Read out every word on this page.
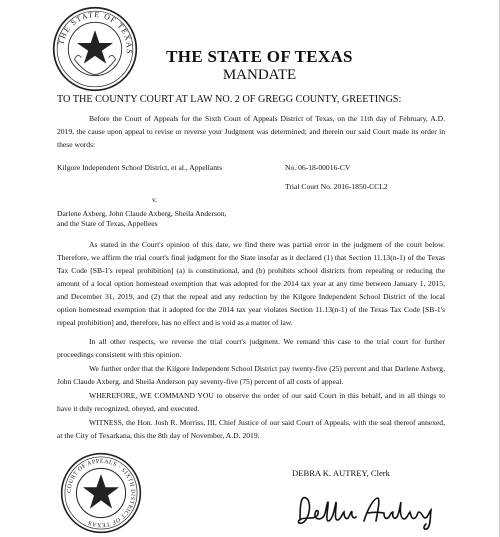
THE STATE OF TEXAS	THE STATE OF TEXAS
MANDATE
TO THE COUNTY COURT AT LAW NO. 2 OF GREGG COUNTY, GREETINGS:
Before the Court of Appeals for the Sixth Court of Appeals District of Texas, on the 11th day of February, A.D. 2019, the cause upon appeal to revise or reverse your Judgment was determined; and therein our said Court made its order in these words:
Kilgore Independent School District, et al., Appellants	No. 06-18-00016-CV
Trial Court No. 2016-1850-CCL2
v.
Darlene Axberg, John Claude Axberg, Sheila Anderson, and the State of Texas, Appellees
As stated in the Court's opinion of this date, we find there was partial error in the judgment of the court below. Therefore, we affirm the trial court's final judgment for the State insofar as it declared (1) that Section 11.13(n-1) of the Texas Tax Code [SB-1's repeal prohibition] (a) is constitutional, and (b) prohibits school districts from repealing or reducing the amount of a local option homestead exemption that was adopted for the 2014 tax year at any time between January 1, 2015, and December 31, 2019, and (2) that the repeal and any reduction by the Kilgore Independent School District of the local option homestead exemption that it adopted for the 2014 tax year violates Section 11.13(n-1) of the Texas Tax Code [SB-1's repeal prohibition] and, therefore, has no effect and is void as a matter of law.
In all other respects, we reverse the trial court's judgment. We remand this case to the trial court for further proceedings consistent with this opinion.
We further order that the Kilgore Independent School District pay twenty-five (25) percent and that Darlene Axberg, John Claude Axberg, and Sheila Anderson pay seventy-five (75) percent of all costs of appeal.
WHEREFORE, WE COMMAND YOU to observe the order of our said Court in this behalf, and in all things to have it duly recognized, obeyed, and executed.
WITNESS, the Hon. Josh R. Morriss, III, Chief Justice of our said Court of Appeals, with the seal thereof annexed, at the City of Texarkana, this the 8th day of November, A.D. 2019.
DEBRA K. AUTREY, Clerk
COURT OF APPEALS · SIXTH DISTRICT OF TEXAS
